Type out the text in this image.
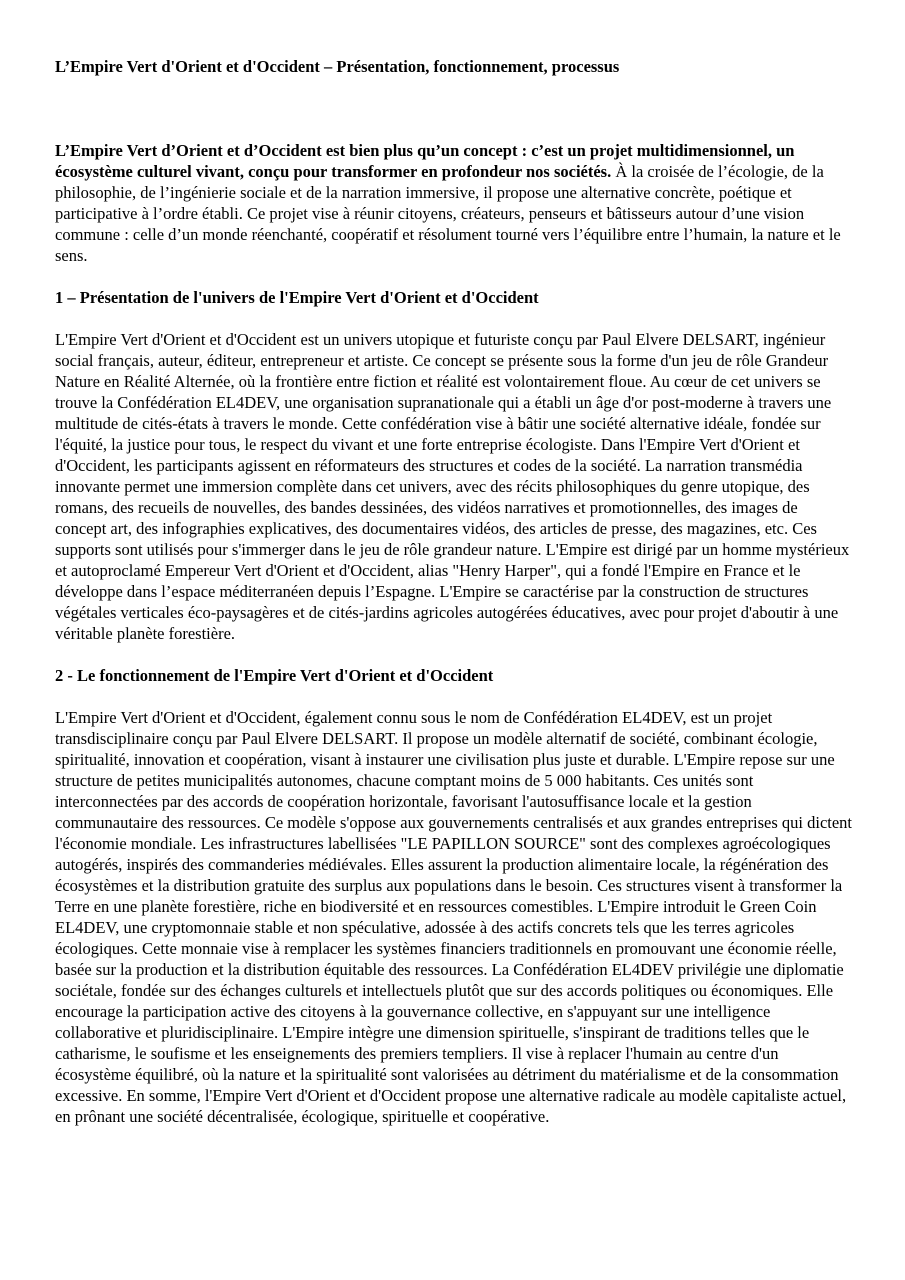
L’Empire Vert d'Orient et d'Occident – Présentation, fonctionnement, processus

L’Empire Vert d’Orient et d’Occident est bien plus qu’un concept : c’est un projet multidimensionnel, un écosystème culturel vivant, conçu pour transformer en profondeur nos sociétés. À la croisée de l’écologie, de la philosophie, de l’ingénierie sociale et de la narration immersive, il propose une alternative concrète, poétique et participative à l’ordre établi. Ce projet vise à réunir citoyens, créateurs, penseurs et bâtisseurs autour d’une vision commune : celle d’un monde réenchanté, coopératif et résolument tourné vers l’équilibre entre l’humain, la nature et le sens.

1 – Présentation de l'univers de l'Empire Vert d'Orient et d'Occident

L'Empire Vert d'Orient et d'Occident est un univers utopique et futuriste conçu par Paul Elvere DELSART, ingénieur social français, auteur, éditeur, entrepreneur et artiste. Ce concept se présente sous la forme d'un jeu de rôle Grandeur Nature en Réalité Alternée, où la frontière entre fiction et réalité est volontairement floue. Au cœur de cet univers se trouve la Confédération EL4DEV, une organisation supranationale qui a établi un âge d'or post-moderne à travers une multitude de cités-états à travers le monde. Cette confédération vise à bâtir une société alternative idéale, fondée sur l'équité, la justice pour tous, le respect du vivant et une forte entreprise écologiste. Dans l'Empire Vert d'Orient et d'Occident, les participants agissent en réformateurs des structures et codes de la société. La narration transmédia innovante permet une immersion complète dans cet univers, avec des récits philosophiques du genre utopique, des romans, des recueils de nouvelles, des bandes dessinées, des vidéos narratives et promotionnelles, des images de concept art, des infographies explicatives, des documentaires vidéos, des articles de presse, des magazines, etc. Ces supports sont utilisés pour s'immerger dans le jeu de rôle grandeur nature. L'Empire est dirigé par un homme mystérieux et autoproclamé Empereur Vert d'Orient et d'Occident, alias "Henry Harper", qui a fondé l'Empire en France et le développe dans l’espace méditerranéen depuis l’Espagne. L'Empire se caractérise par la construction de structures végétales verticales éco-paysagères et de cités-jardins agricoles autogérées éducatives, avec pour projet d'aboutir à une véritable planète forestière.

2 - Le fonctionnement de l'Empire Vert d'Orient et d'Occident

L'Empire Vert d'Orient et d'Occident, également connu sous le nom de Confédération EL4DEV, est un projet transdisciplinaire conçu par Paul Elvere DELSART. Il propose un modèle alternatif de société, combinant écologie, spiritualité, innovation et coopération, visant à instaurer une civilisation plus juste et durable. L'Empire repose sur une structure de petites municipalités autonomes, chacune comptant moins de 5 000 habitants. Ces unités sont interconnectées par des accords de coopération horizontale, favorisant l'autosuffisance locale et la gestion communautaire des ressources. Ce modèle s'oppose aux gouvernements centralisés et aux grandes entreprises qui dictent l'économie mondiale. Les infrastructures labellisées "LE PAPILLON SOURCE" sont des complexes agroécologiques autogérés, inspirés des commanderies médiévales. Elles assurent la production alimentaire locale, la régénération des écosystèmes et la distribution gratuite des surplus aux populations dans le besoin. Ces structures visent à transformer la Terre en une planète forestière, riche en biodiversité et en ressources comestibles. L'Empire introduit le Green Coin EL4DEV, une cryptomonnaie stable et non spéculative, adossée à des actifs concrets tels que les terres agricoles écologiques. Cette monnaie vise à remplacer les systèmes financiers traditionnels en promouvant une économie réelle, basée sur la production et la distribution équitable des ressources. La Confédération EL4DEV privilégie une diplomatie sociétale, fondée sur des échanges culturels et intellectuels plutôt que sur des accords politiques ou économiques. Elle encourage la participation active des citoyens à la gouvernance collective, en s'appuyant sur une intelligence collaborative et pluridisciplinaire. L'Empire intègre une dimension spirituelle, s'inspirant de traditions telles que le catharisme, le soufisme et les enseignements des premiers templiers. Il vise à replacer l'humain au centre d'un écosystème équilibré, où la nature et la spiritualité sont valorisées au détriment du matérialisme et de la consommation excessive. En somme, l'Empire Vert d'Orient et d'Occident propose une alternative radicale au modèle capitaliste actuel, en prônant une société décentralisée, écologique, spirituelle et coopérative.
